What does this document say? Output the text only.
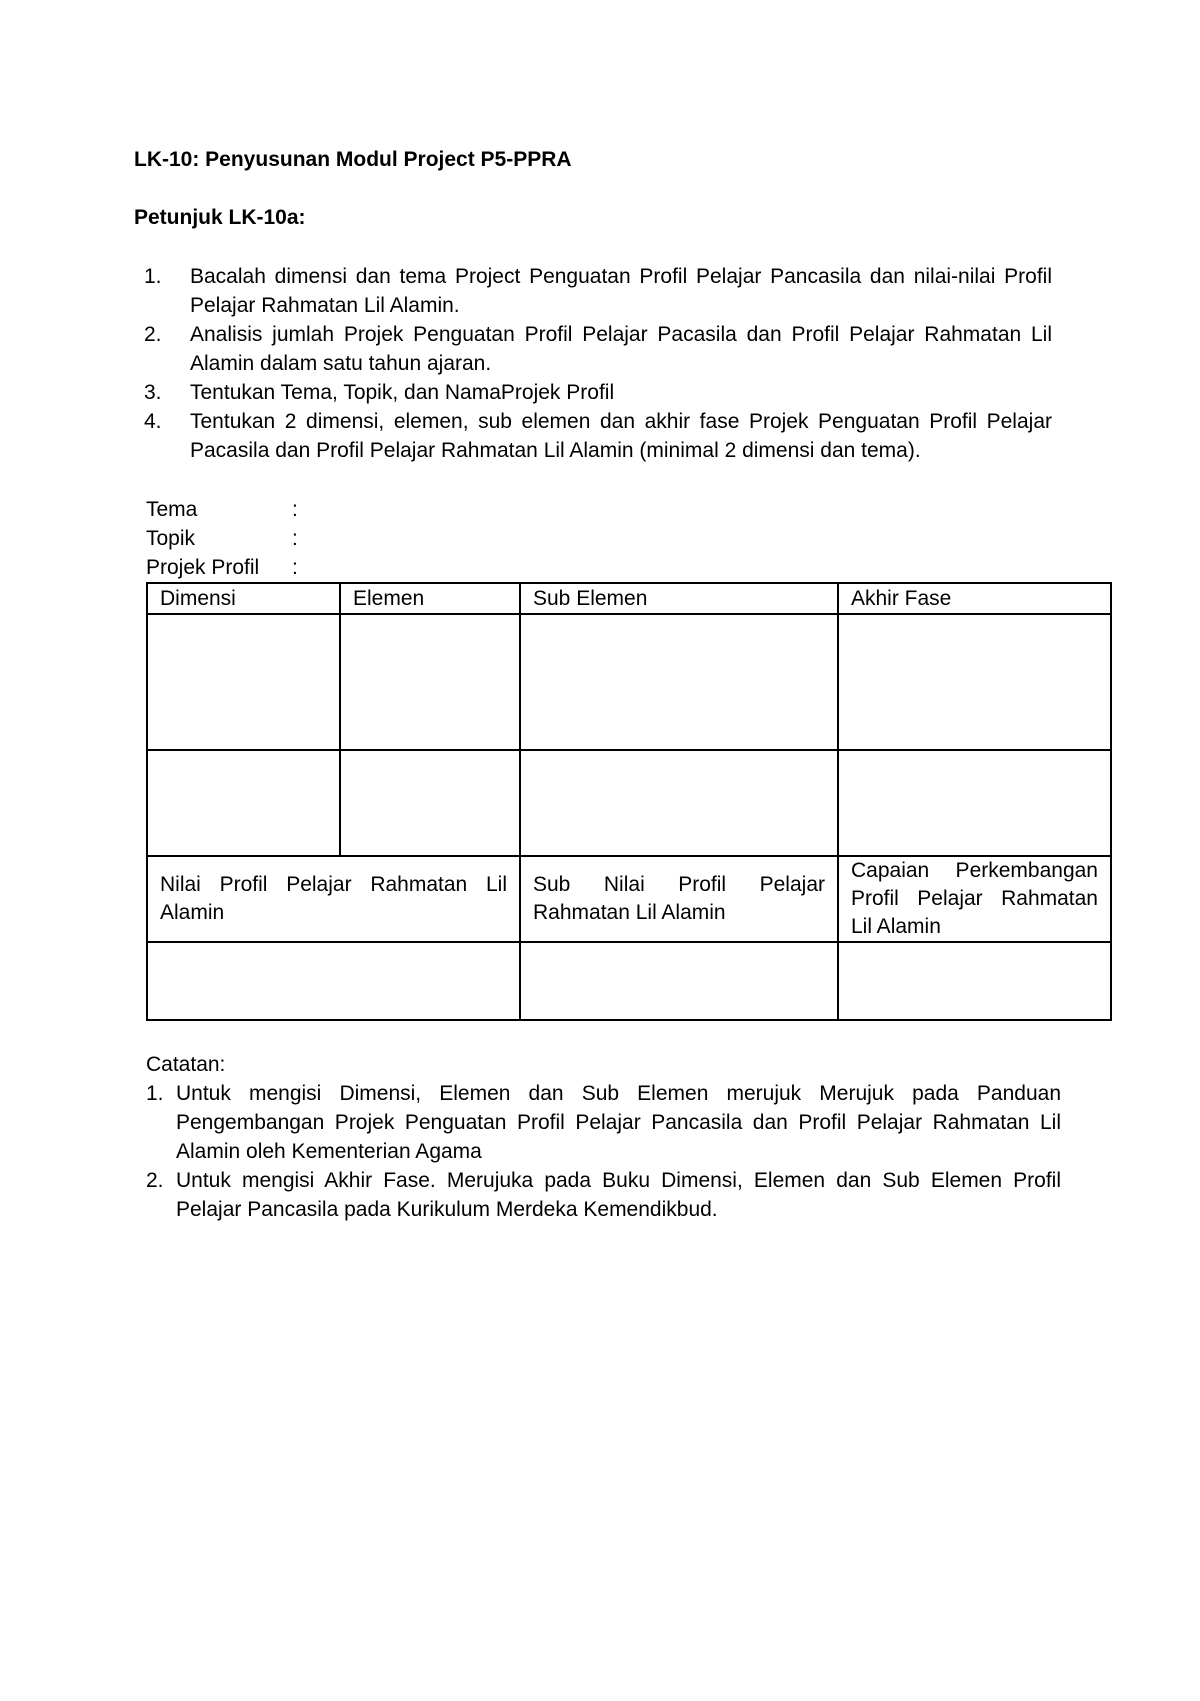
LK-10: Penyusunan Modul Project P5-PPRA
Petunjuk LK-10a:
1. Bacalah dimensi dan tema Project Penguatan Profil Pelajar Pancasila dan nilai-nilai Profil Pelajar Rahmatan Lil Alamin.
2. Analisis jumlah Projek Penguatan Profil Pelajar Pacasila dan Profil Pelajar Rahmatan Lil Alamin dalam satu tahun ajaran.
3. Tentukan Tema, Topik, dan NamaProjek Profil
4. Tentukan 2 dimensi, elemen, sub elemen dan akhir fase Projek Penguatan Profil Pelajar Pacasila dan Profil Pelajar Rahmatan Lil Alamin (minimal 2 dimensi dan tema).
Tema	:
Topik	:
Projek Profil	:
Dimensi	Elemen	Sub Elemen	Akhir Fase

Nilai Profil Pelajar Rahmatan Lil Alamin		Sub Nilai Profil Pelajar Rahmatan Lil Alamin	Capaian Perkembangan Profil Pelajar Rahmatan Lil Alamin

Catatan:
1. Untuk mengisi Dimensi, Elemen dan Sub Elemen merujuk Merujuk pada Panduan Pengembangan Projek Penguatan Profil Pelajar Pancasila dan Profil Pelajar Rahmatan Lil Alamin oleh Kementerian Agama
2. Untuk mengisi Akhir Fase. Merujuka pada Buku Dimensi, Elemen dan Sub Elemen Profil Pelajar Pancasila pada Kurikulum Merdeka Kemendikbud.
